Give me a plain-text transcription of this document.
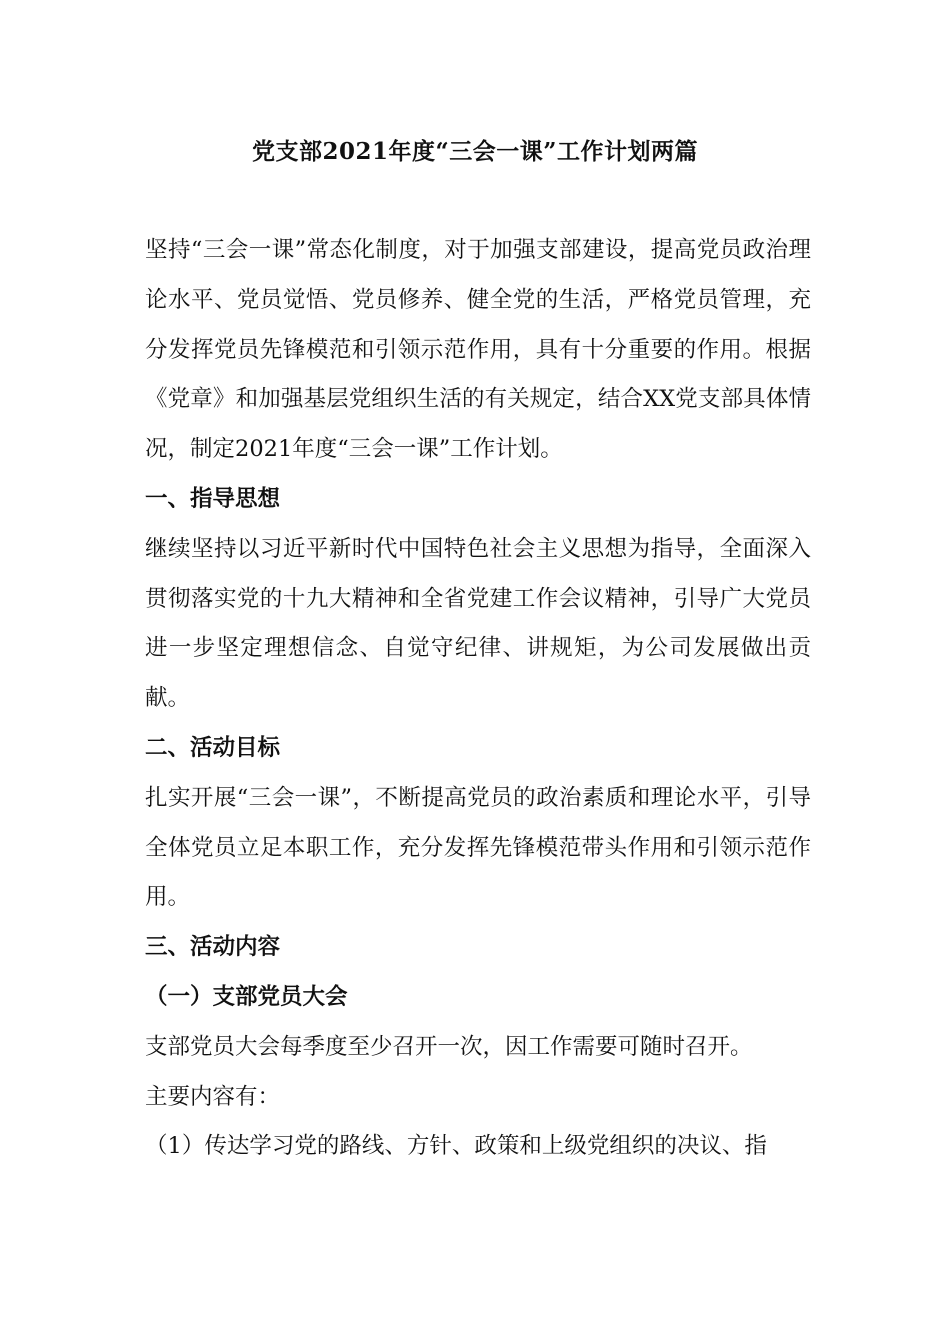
党支部2021年度“三会一课”工作计划两篇

坚持“三会一课”常态化制度，对于加强支部建设，提高党员政治理论水平、党员觉悟、党员修养、健全党的生活，严格党员管理，充分发挥党员先锋模范和引领示范作用，具有十分重要的作用。根据《党章》和加强基层党组织生活的有关规定，结合XX党支部具体情况，制定2021年度“三会一课”工作计划。

一、指导思想

继续坚持以习近平新时代中国特色社会主义思想为指导，全面深入贯彻落实党的十九大精神和全省党建工作会议精神，引导广大党员进一步坚定理想信念、自觉守纪律、讲规矩，为公司发展做出贡献。

二、活动目标

扎实开展“三会一课”，不断提高党员的政治素质和理论水平，引导全体党员立足本职工作，充分发挥先锋模范带头作用和引领示范作用。

三、活动内容

（一）支部党员大会

支部党员大会每季度至少召开一次，因工作需要可随时召开。

主要内容有：

（1）传达学习党的路线、方针、政策和上级党组织的决议、指
